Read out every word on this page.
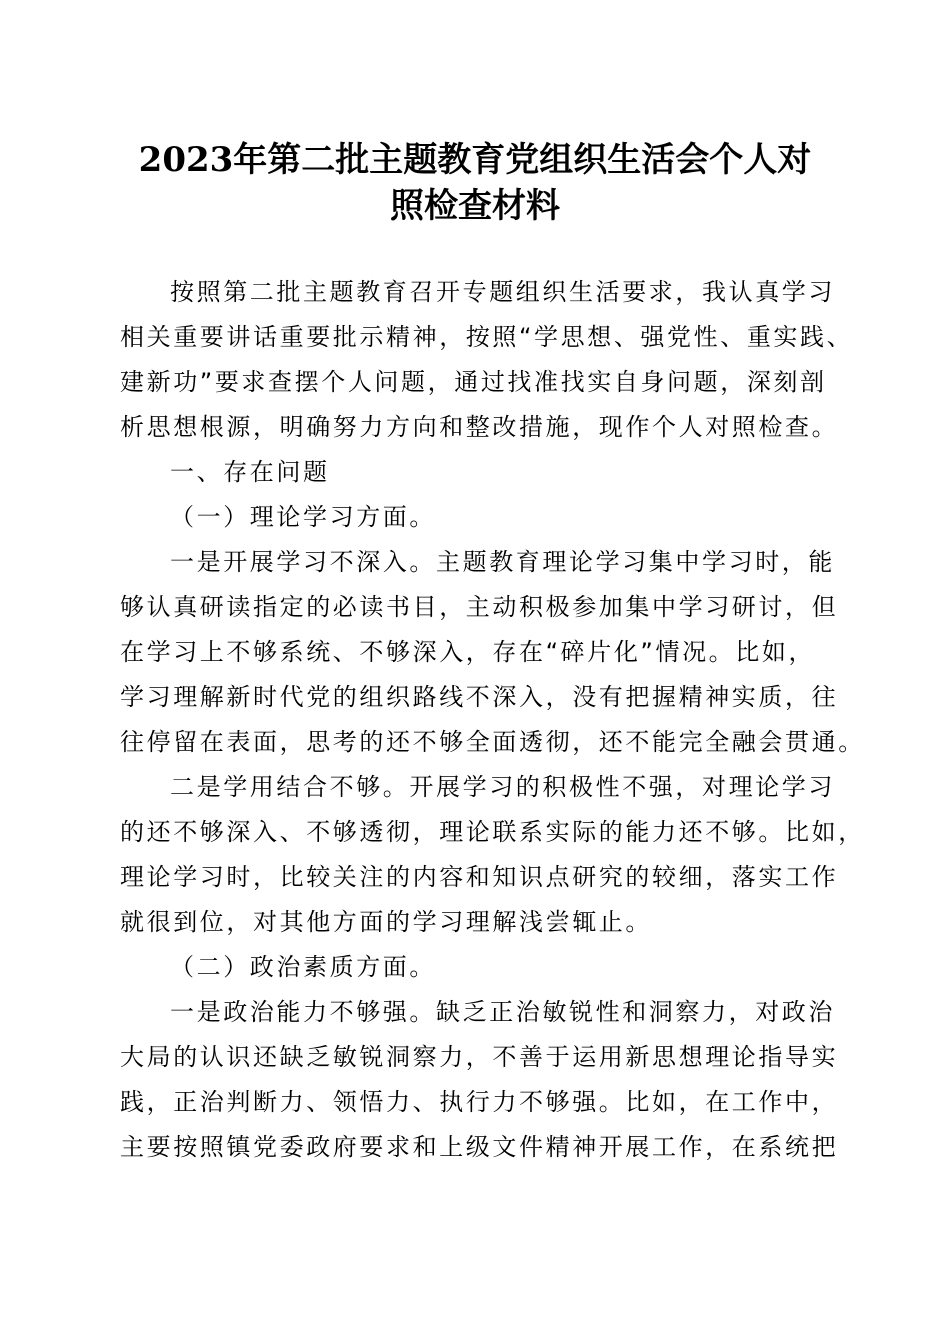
2023年第二批主题教育党组织生活会个人对
照检查材料
按照第二批主题教育召开专题组织生活要求，我认真学习
相关重要讲话重要批示精神，按照“学思想、强党性、重实践、
建新功”要求查摆个人问题，通过找准找实自身问题，深刻剖
析思想根源，明确努力方向和整改措施，现作个人对照检查。
一、存在问题
（一）理论学习方面。
一是开展学习不深入。主题教育理论学习集中学习时，能
够认真研读指定的必读书目，主动积极参加集中学习研讨，但
在学习上不够系统、不够深入，存在“碎片化”情况。比如，
学习理解新时代党的组织路线不深入，没有把握精神实质，往
往停留在表面，思考的还不够全面透彻，还不能完全融会贯通。
二是学用结合不够。开展学习的积极性不强，对理论学习
的还不够深入、不够透彻，理论联系实际的能力还不够。比如，
理论学习时，比较关注的内容和知识点研究的较细，落实工作
就很到位，对其他方面的学习理解浅尝辄止。
（二）政治素质方面。
一是政治能力不够强。缺乏正治敏锐性和洞察力，对政治
大局的认识还缺乏敏锐洞察力，不善于运用新思想理论指导实
践，正治判断力、领悟力、执行力不够强。比如，在工作中，
主要按照镇党委政府要求和上级文件精神开展工作，在系统把
